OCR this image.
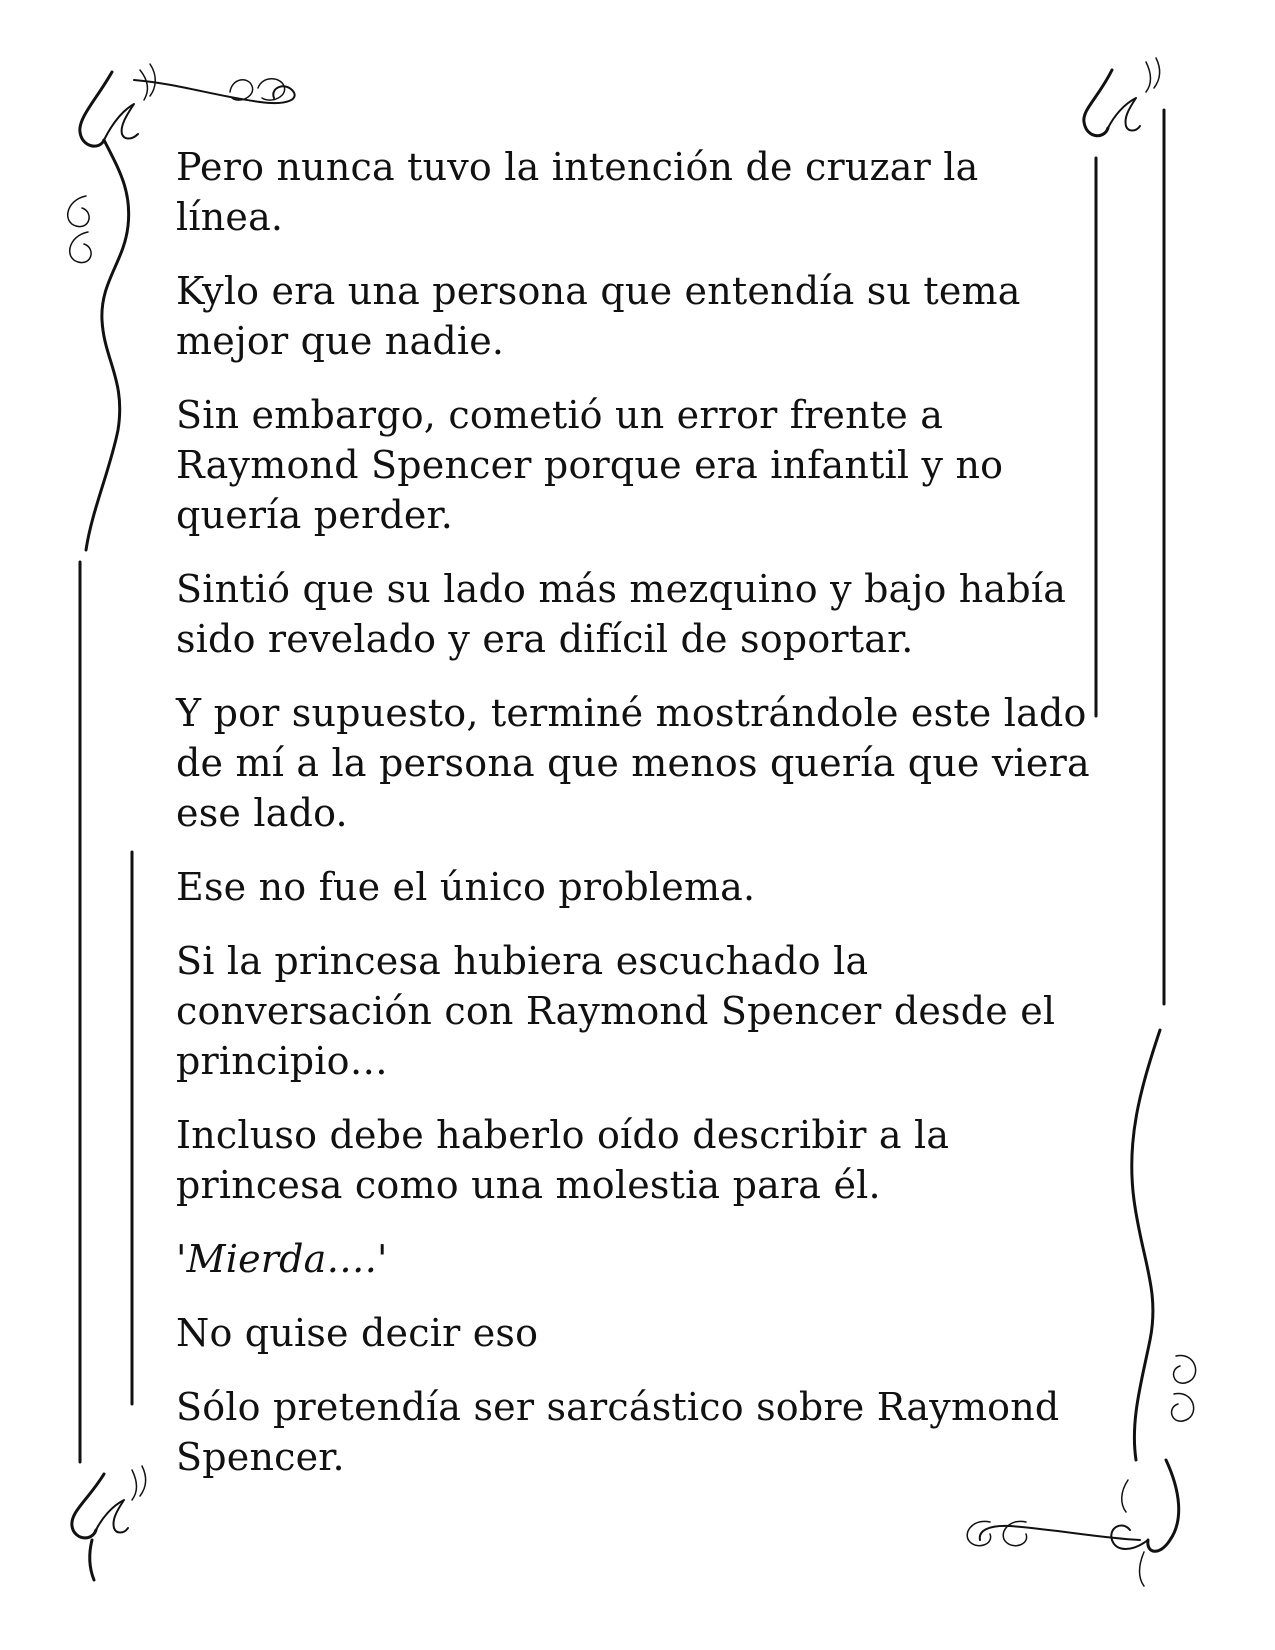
Pero nunca tuvo la intención de cruzar la línea.

Kylo era una persona que entendía su tema mejor que nadie.

Sin embargo, cometió un error frente a Raymond Spencer porque era infantil y no quería perder.

Sintió que su lado más mezquino y bajo había sido revelado y era difícil de soportar.

Y por supuesto, terminé mostrándole este lado de mí a la persona que menos quería que viera ese lado.

Ese no fue el único problema.

Si la princesa hubiera escuchado la conversación con Raymond Spencer desde el principio…

Incluso debe haberlo oído describir a la princesa como una molestia para él.

'Mierda….'

No quise decir eso

Sólo pretendía ser sarcástico sobre Raymond Spencer.
